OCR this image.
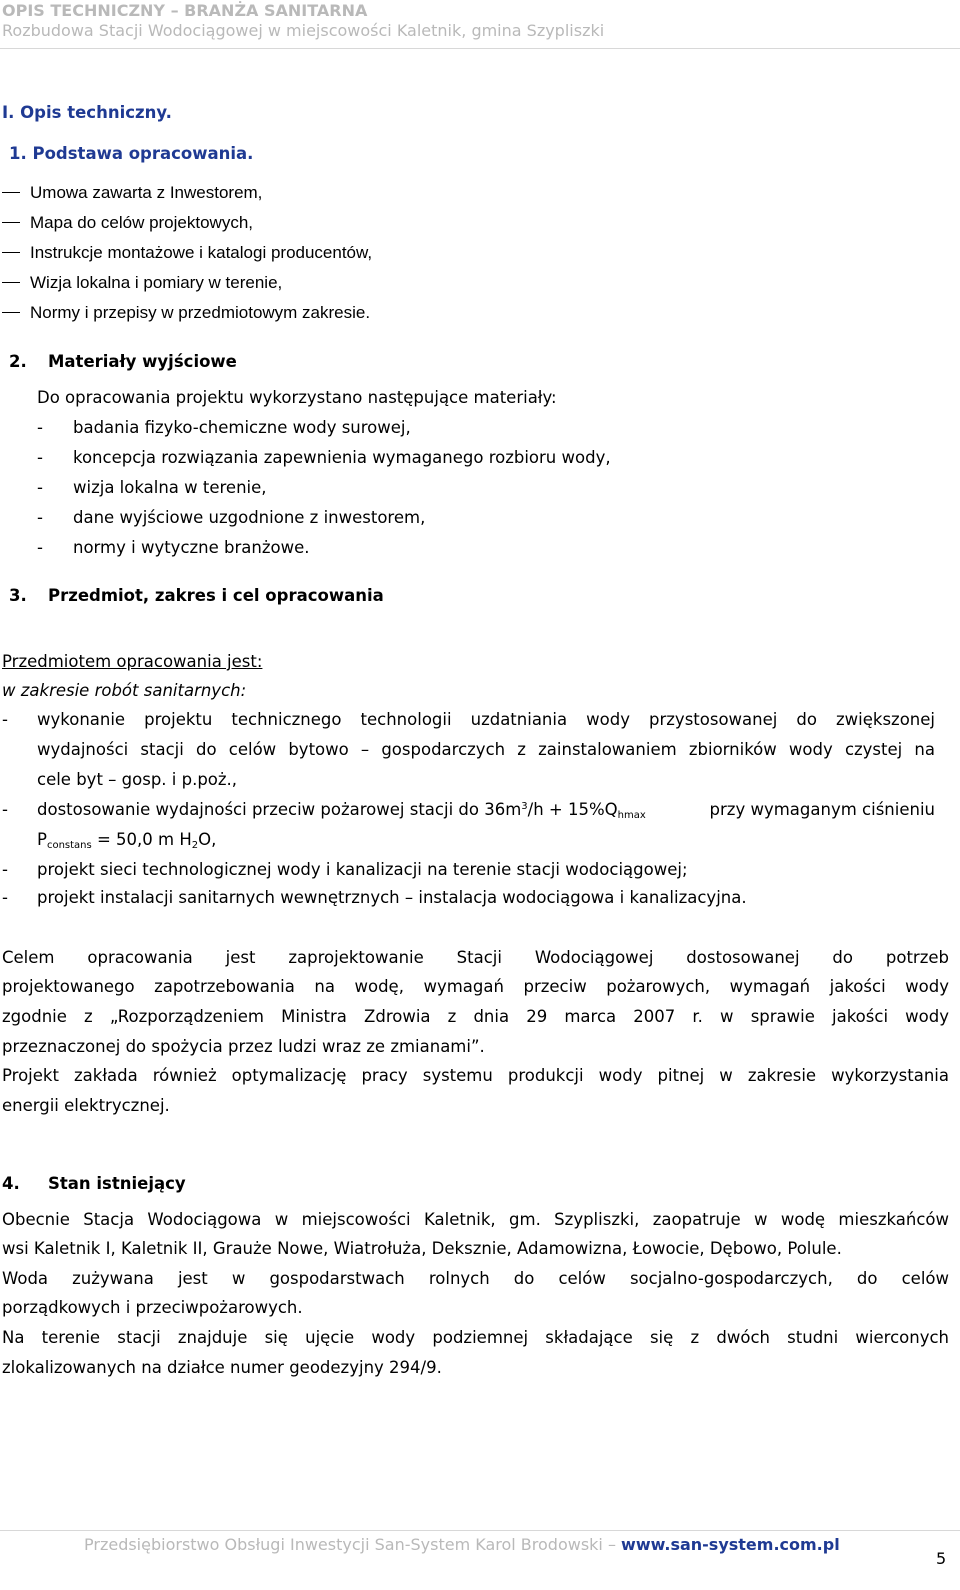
OPIS TECHNICZNY – BRANŻA SANITARNA
Rozbudowa Stacji Wodociągowej w miejscowości Kaletnik, gmina Szypliszki
I. Opis techniczny.
1. Podstawa opracowania.
Umowa zawarta z Inwestorem,
Mapa do celów projektowych,
Instrukcje montażowe i katalogi producentów,
Wizja lokalna i pomiary w terenie,
Normy i przepisy w przedmiotowym zakresie.
2. Materiały wyjściowe
Do opracowania projektu wykorzystano następujące materiały:
- badania fizyko-chemiczne wody surowej,
- koncepcja rozwiązania zapewnienia wymaganego rozbioru wody,
- wizja lokalna w terenie,
- dane wyjściowe uzgodnione z inwestorem,
- normy i wytyczne branżowe.
3. Przedmiot, zakres i cel opracowania
Przedmiotem opracowania jest:
w zakresie robót sanitarnych:
- wykonanie projektu technicznego technologii uzdatniania wody przystosowanej do zwiększonej
wydajności stacji do celów bytowo – gospodarczych z zainstalowaniem zbiorników wody czystej na
cele byt – gosp. i p.poż.,
- dostosowanie wydajności przeciw pożarowej stacji do $36m^3/h + 15\%Q_{hmax}$	przy wymaganym ciśnieniu
$P_{constans} = 50,0$ m $H_2O$,
- projekt sieci technologicznej wody i kanalizacji na terenie stacji wodociągowej;
- projekt instalacji sanitarnych wewnętrznych – instalacja wodociągowa i kanalizacyjna.
Celem opracowania jest zaprojektowanie Stacji Wodociągowej dostosowanej do potrzeb
projektowanego zapotrzebowania na wodę, wymagań przeciw pożarowych, wymagań jakości wody
zgodnie z „Rozporządzeniem Ministra Zdrowia z dnia 29 marca 2007 r. w sprawie jakości wody
przeznaczonej do spożycia przez ludzi wraz ze zmianami”.
Projekt zakłada również optymalizację pracy systemu produkcji wody pitnej w zakresie wykorzystania
energii elektrycznej.
4. Stan istniejący
Obecnie Stacja Wodociągowa w miejscowości Kaletnik, gm. Szypliszki, zaopatruje w wodę mieszkańców
wsi Kaletnik I, Kaletnik II, Grauże Nowe, Wiatrołuża, Deksznie, Adamowizna, Łowocie, Dębowo, Polule.
Woda zużywana jest w gospodarstwach rolnych do celów socjalno-gospodarczych, do celów
porządkowych i przeciwpożarowych.
Na terenie stacji znajduje się ujęcie wody podziemnej składające się z dwóch studni wierconych
zlokalizowanych na działce numer geodezyjny 294/9.
Przedsiębiorstwo Obsługi Inwestycji San-System Karol Brodowski – www.san-system.com.pl
5
